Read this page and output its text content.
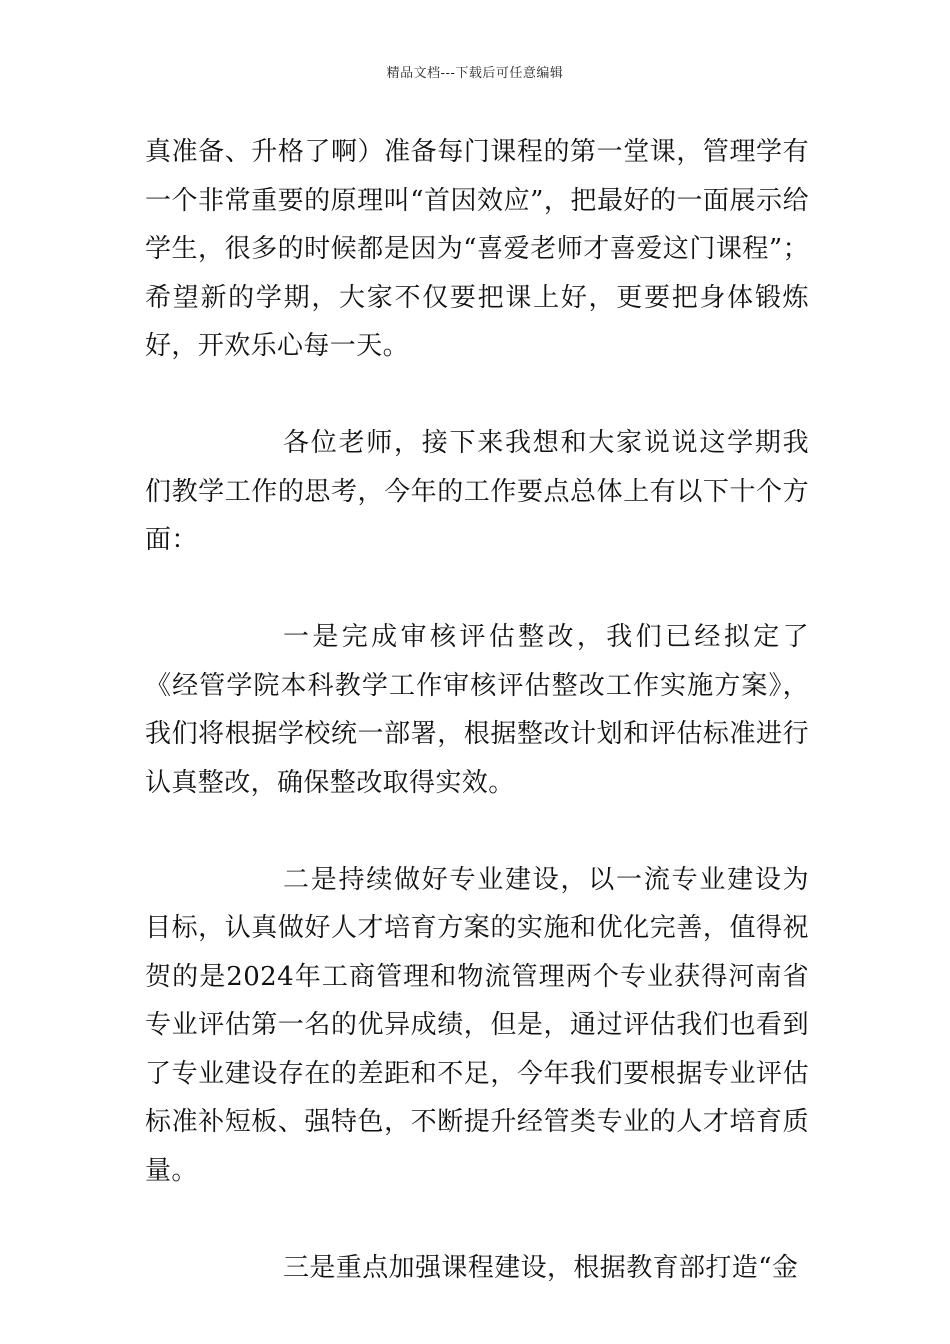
精品文档---下载后可任意编辑

真准备、升格了啊）准备每门课程的第一堂课，管理学有一个非常重要的原理叫“首因效应”，把最好的一面展示给学生，很多的时候都是因为“喜爱老师才喜爱这门课程”；希望新的学期，大家不仅要把课上好，更要把身体锻炼好，开欢乐心每一天。

各位老师，接下来我想和大家说说这学期我们教学工作的思考，今年的工作要点总体上有以下十个方面：

一是完成审核评估整改，我们已经拟定了《经管学院本科教学工作审核评估整改工作实施方案》，我们将根据学校统一部署，根据整改计划和评估标准进行认真整改，确保整改取得实效。

二是持续做好专业建设，以一流专业建设为目标，认真做好人才培育方案的实施和优化完善，值得祝贺的是2024年工商管理和物流管理两个专业获得河南省专业评估第一名的优异成绩，但是，通过评估我们也看到了专业建设存在的差距和不足，今年我们要根据专业评估标准补短板、强特色，不断提升经管类专业的人才培育质量。

三是重点加强课程建设，根据教育部打造“金
